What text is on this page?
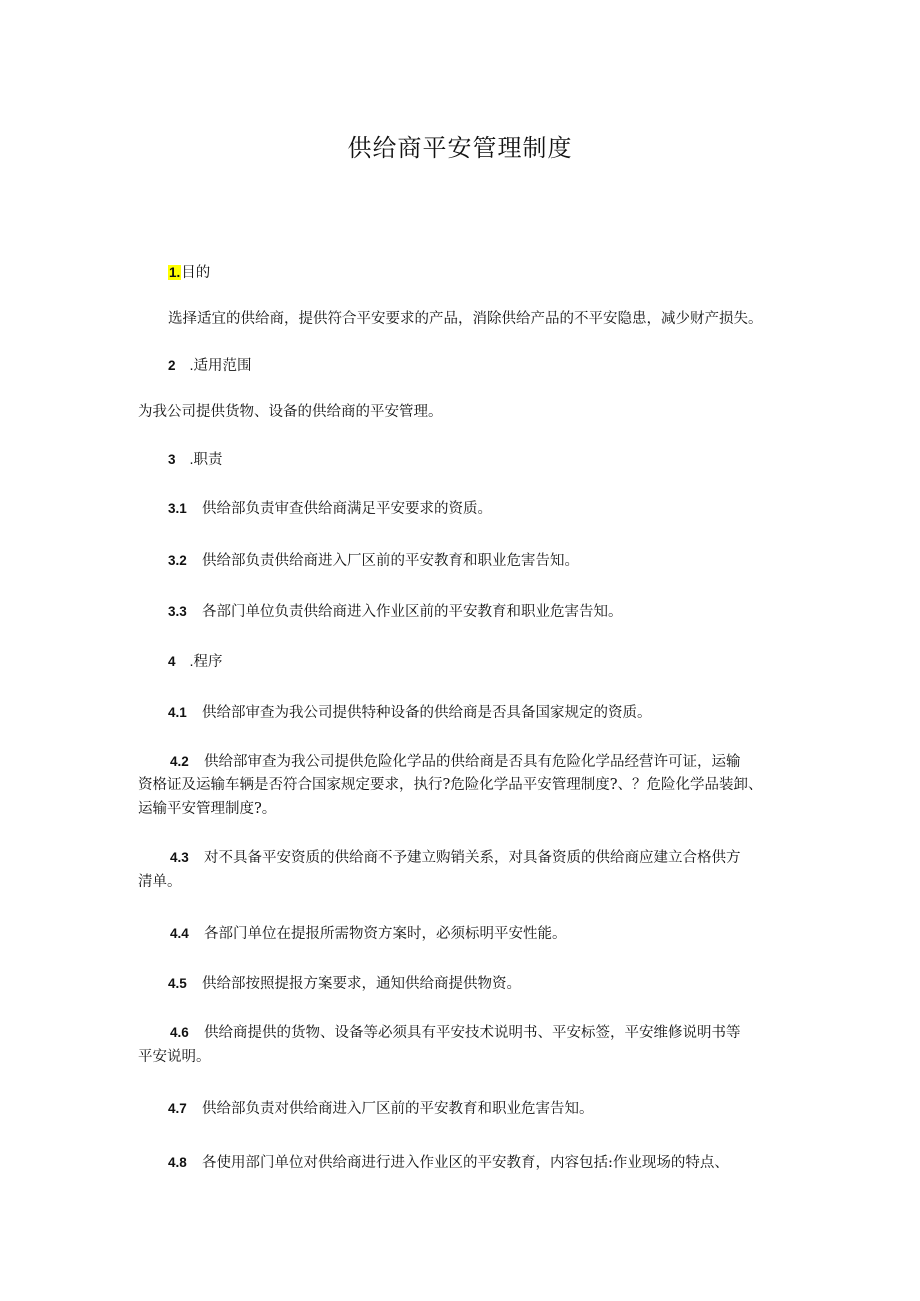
供给商平安管理制度
1.目的
选择适宜的供给商，提供符合平安要求的产品，消除供给产品的不平安隐患，减少财产损失。
2 .适用范围
为我公司提供货物、设备的供给商的平安管理。
3 .职责
3.1 供给部负责审查供给商满足平安要求的资质。
3.2 供给部负责供给商进入厂区前的平安教育和职业危害告知。
3.3 各部门单位负责供给商进入作业区前的平安教育和职业危害告知。
4 .程序
4.1 供给部审查为我公司提供特种设备的供给商是否具备国家规定的资质。
4.2 供给部审查为我公司提供危险化学品的供给商是否具有危险化学品经营许可证，运输
资格证及运输车辆是否符合国家规定要求，执行?危险化学品平安管理制度?、？危险化学品装卸、
运输平安管理制度?。
4.3 对不具备平安资质的供给商不予建立购销关系，对具备资质的供给商应建立合格供方
清单。
4.4 各部门单位在提报所需物资方案时，必须标明平安性能。
4.5 供给部按照提报方案要求，通知供给商提供物资。
4.6 供给商提供的货物、设备等必须具有平安技术说明书、平安标签，平安维修说明书等
平安说明。
4.7 供给部负责对供给商进入厂区前的平安教育和职业危害告知。
4.8 各使用部门单位对供给商进行进入作业区的平安教育，内容包括:作业现场的特点、
